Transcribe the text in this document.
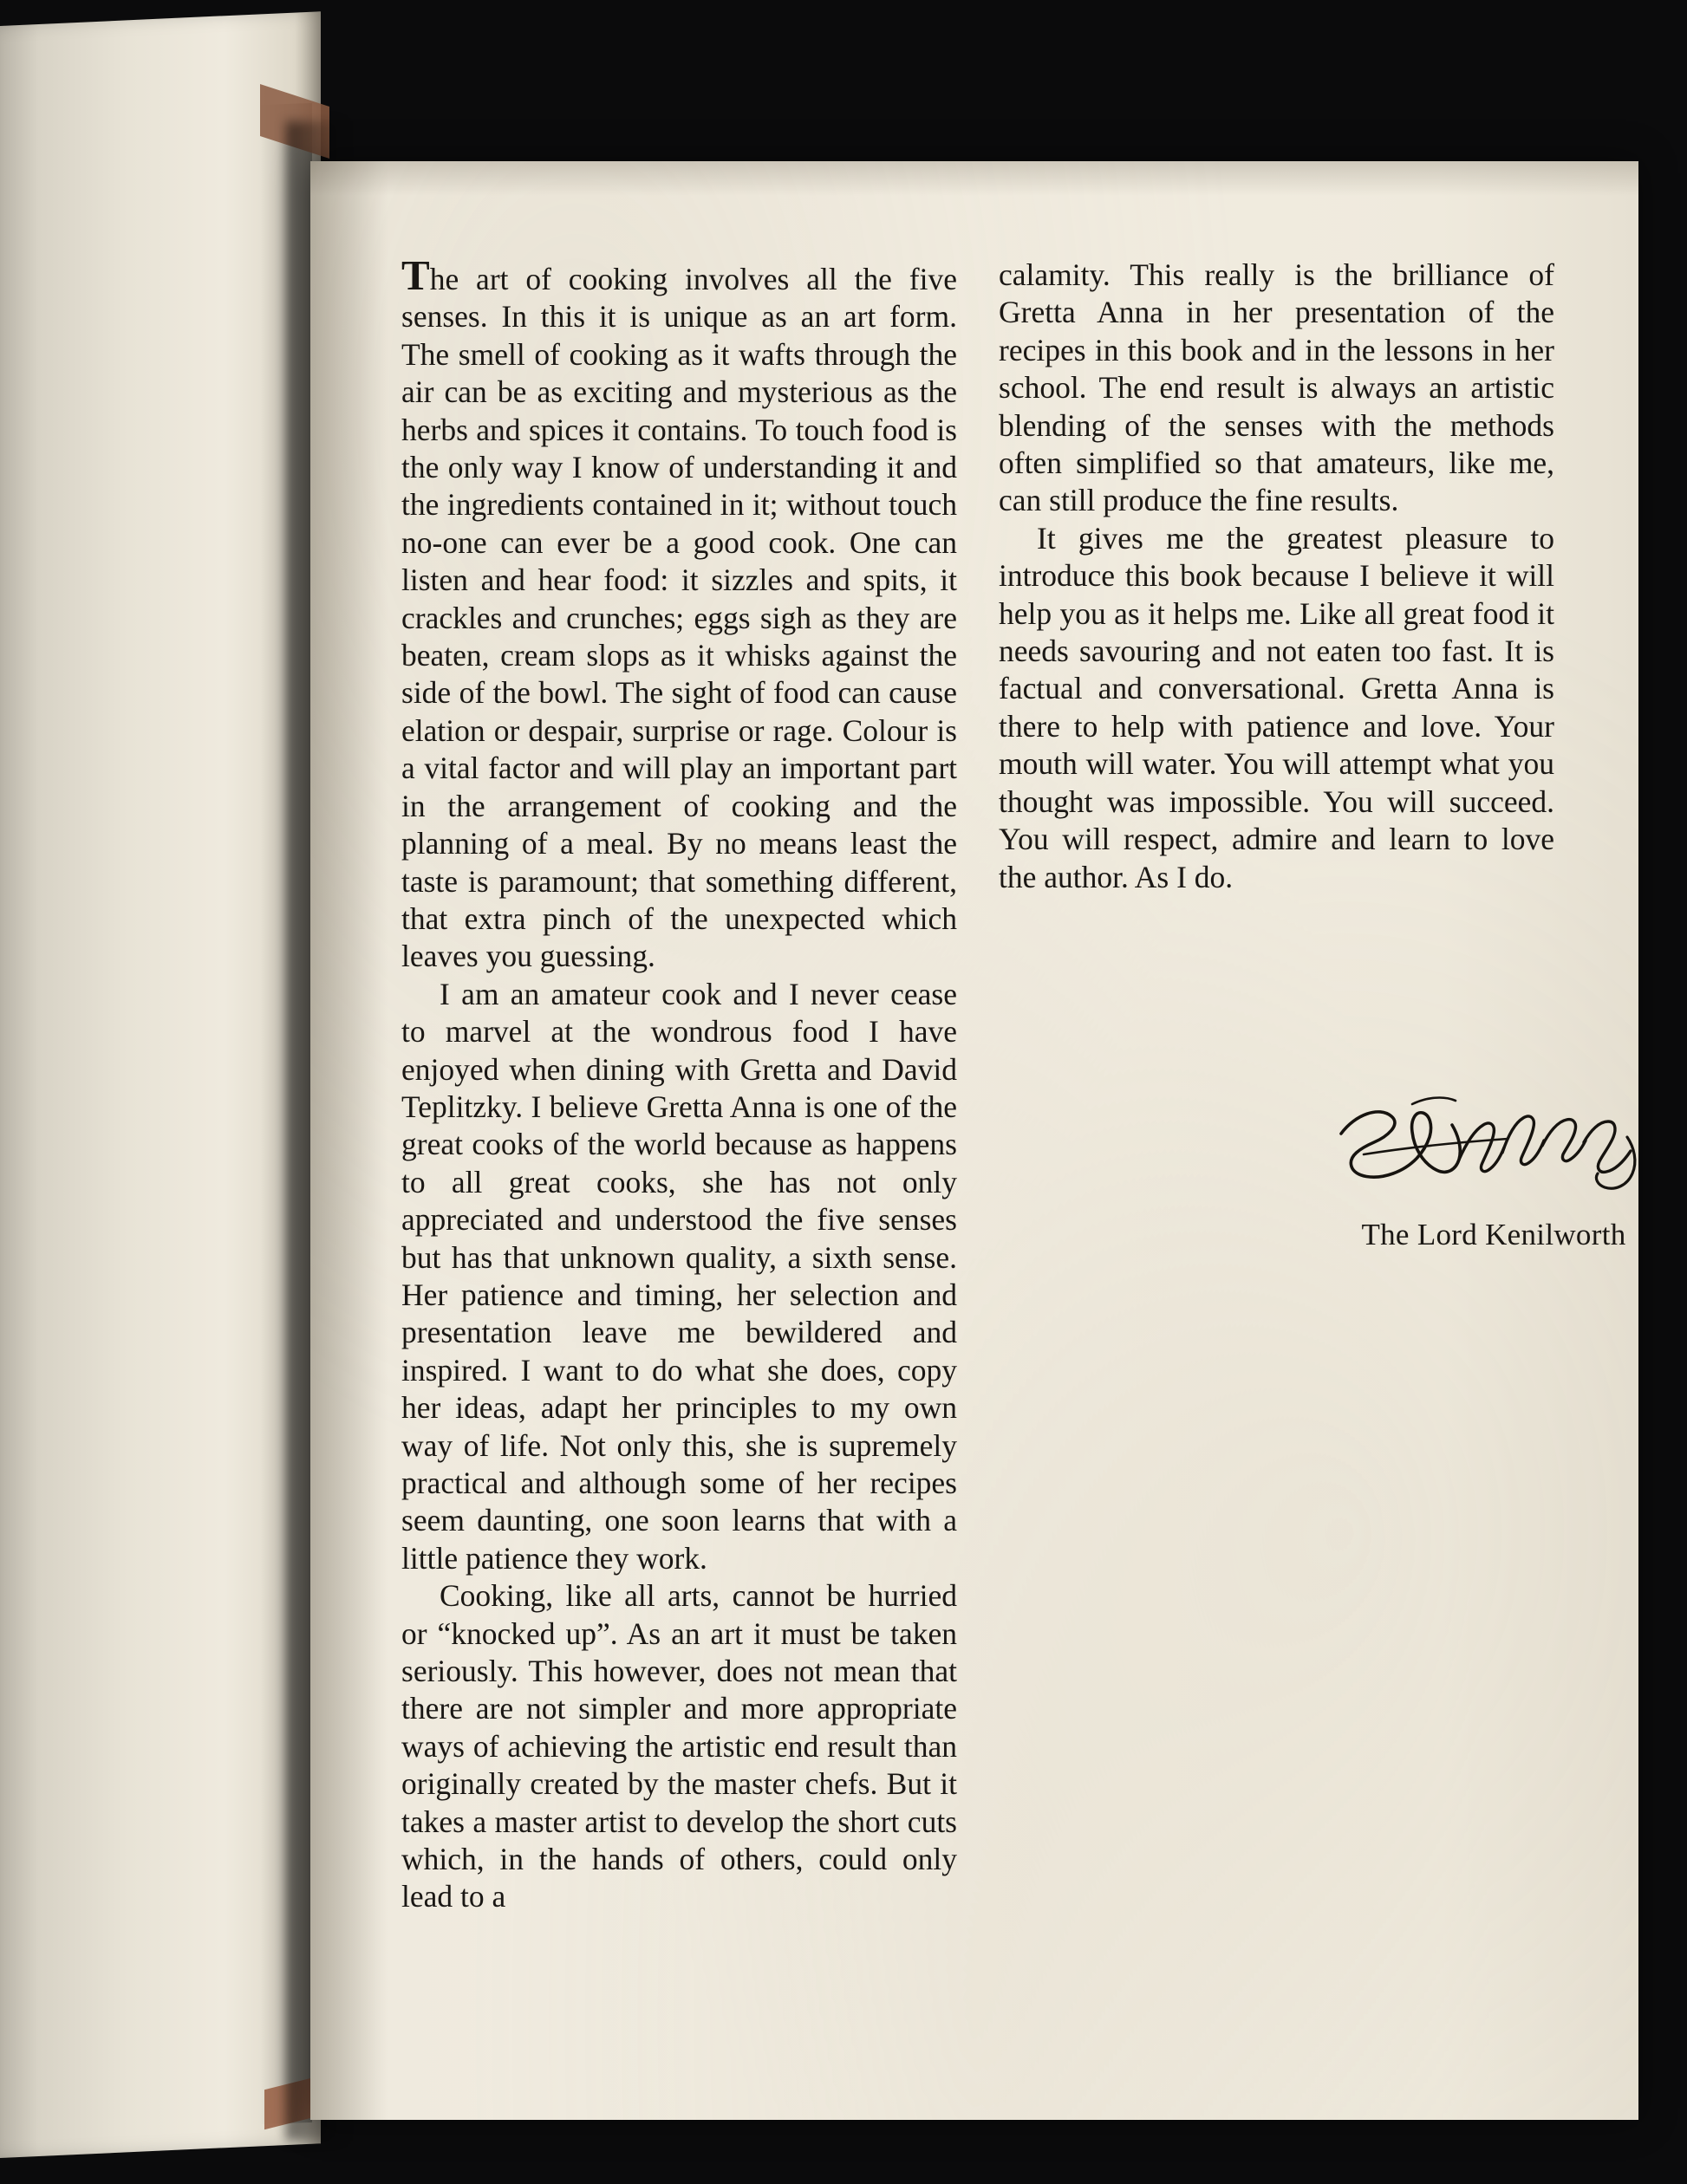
The art of cooking involves all the five senses. In this it is unique as an art form. The smell of cooking as it wafts through the air can be as exciting and mysterious as the herbs and spices it contains. To touch food is the only way I know of understanding it and the ingredients contained in it; without touch no-one can ever be a good cook. One can listen and hear food: it sizzles and spits, it crackles and crunches; eggs sigh as they are beaten, cream slops as it whisks against the side of the bowl. The sight of food can cause elation or despair, surprise or rage. Colour is a vital factor and will play an important part in the arrangement of cooking and the planning of a meal. By no means least the taste is paramount; that something different, that extra pinch of the unexpected which leaves you guessing.

I am an amateur cook and I never cease to marvel at the wondrous food I have enjoyed when dining with Gretta and David Teplitzky. I believe Gretta Anna is one of the great cooks of the world because as happens to all great cooks, she has not only appreciated and understood the five senses but has that unknown quality, a sixth sense. Her patience and timing, her selection and presentation leave me bewildered and inspired. I want to do what she does, copy her ideas, adapt her principles to my own way of life. Not only this, she is supremely practical and although some of her recipes seem daunting, one soon learns that with a little patience they work.

Cooking, like all arts, cannot be hurried or “knocked up”. As an art it must be taken seriously. This however, does not mean that there are not simpler and more appropriate ways of achieving the artistic end result than originally created by the master chefs. But it takes a master artist to develop the short cuts which, in the hands of others, could only lead to a

calamity. This really is the brilliance of Gretta Anna in her presentation of the recipes in this book and in the lessons in her school. The end result is always an artistic blending of the senses with the methods often simplified so that amateurs, like me, can still produce the fine results.

It gives me the greatest pleasure to introduce this book because I believe it will help you as it helps me. Like all great food it needs savouring and not eaten too fast. It is factual and conversational. Gretta Anna is there to help with patience and love. Your mouth will water. You will attempt what you thought was impossible. You will succeed. You will respect, admire and learn to love the author. As I do.

The Lord Kenilworth
